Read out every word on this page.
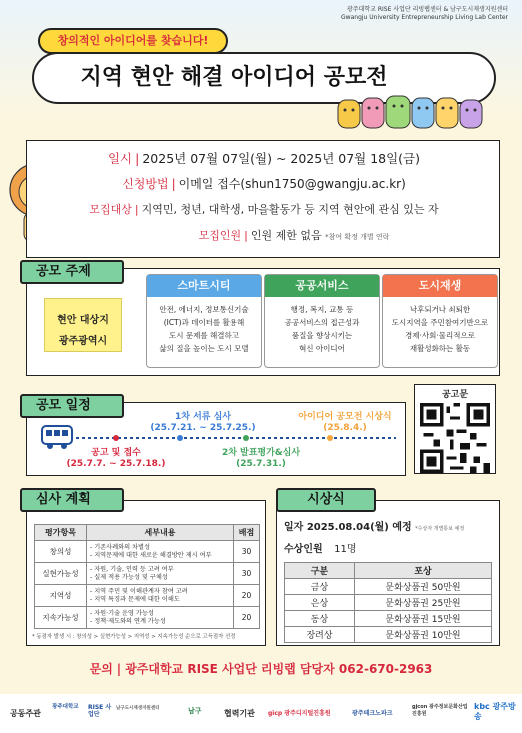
광주대학교 RISE 사업단 리빙랩센터 & 남구도시재생지원센터
Gwangju University Entrepreneurship Living Lab Center
지역 현안 해결 아이디어 공모전
창의적인 아이디어를 찾습니다!
일시 | 2025년 07월 07일(월) ~ 2025년 07월 18일(금)
신청방법 | 이메일 접수(shun1750@gwangju.ac.kr)
모집대상 | 지역민, 청년, 대학생, 마을활동가 등 지역 현안에 관심 있는 자
모집인원 | 인원 제한 없음 *참여 확정 개별 연락
공모 주제
현안 대상지
광주광역시
스마트시티
안전, 에너지, 정보통신기술
(ICT)과 데이터를 활용해
도시 문제를 해결하고
삶의 질을 높이는 도시 모델
공공서비스
행정, 복지, 교통 등
공공서비스의 접근성과
품질을 향상시키는
혁신 아이디어
도시재생
낙후되거나 쇠퇴한
도시지역을 주민참여기반으로
경제·사회·물리적으로
재활성화하는 활동
공모 일정
1차 서류 심사
(25.7.21. ~ 25.7.25.)
아이디어 공모전 시상식
(25.8.4.)
공고 및 접수
(25.7.7. ~ 25.7.18.)
2차 발표평가&심사
(25.7.31.)
공고문
심사 계획
평가항목	세부내용	배점
창의성	- 기존사례와의 차별성
- 지역문제에 대한 새로운 해결방안 제시 여부	30
실현가능성	- 자원, 기술, 인력 등 고려 여부
- 실제 적용 가능성 및 구체성	30
지역성	- 지역 주민 및 이해관계자 참여 고려
- 지역 특징과 문제에 대한 이해도	20
지속가능성	- 자원·기술 운영 가능성
- 정책·제도와의 연계 가능성	20
* 동점자 발생 시 : 창의성 > 실현가능성 > 지역성 > 지속가능성 순으로 고득점자 선정
시상식
일자 2025.08.04(월) 예정 *수상자 개별통보 예정
수상인원 11명
구분	포상
금상	문화상품권 50만원
은상	문화상품권 25만원
동상	문화상품권 15만원
장려상	문화상품권 10만원
문의 | 광주대학교 RISE 사업단 리빙랩 담당자 062-670-2963
공동주관
광주대학교	RISE 사업단
남구도시재생지원센터	남구	협력기관 gicp 광주디지털진흥원	광주테크노파크
gjcon 광주정보문화산업진흥원
kbc 광주방송
